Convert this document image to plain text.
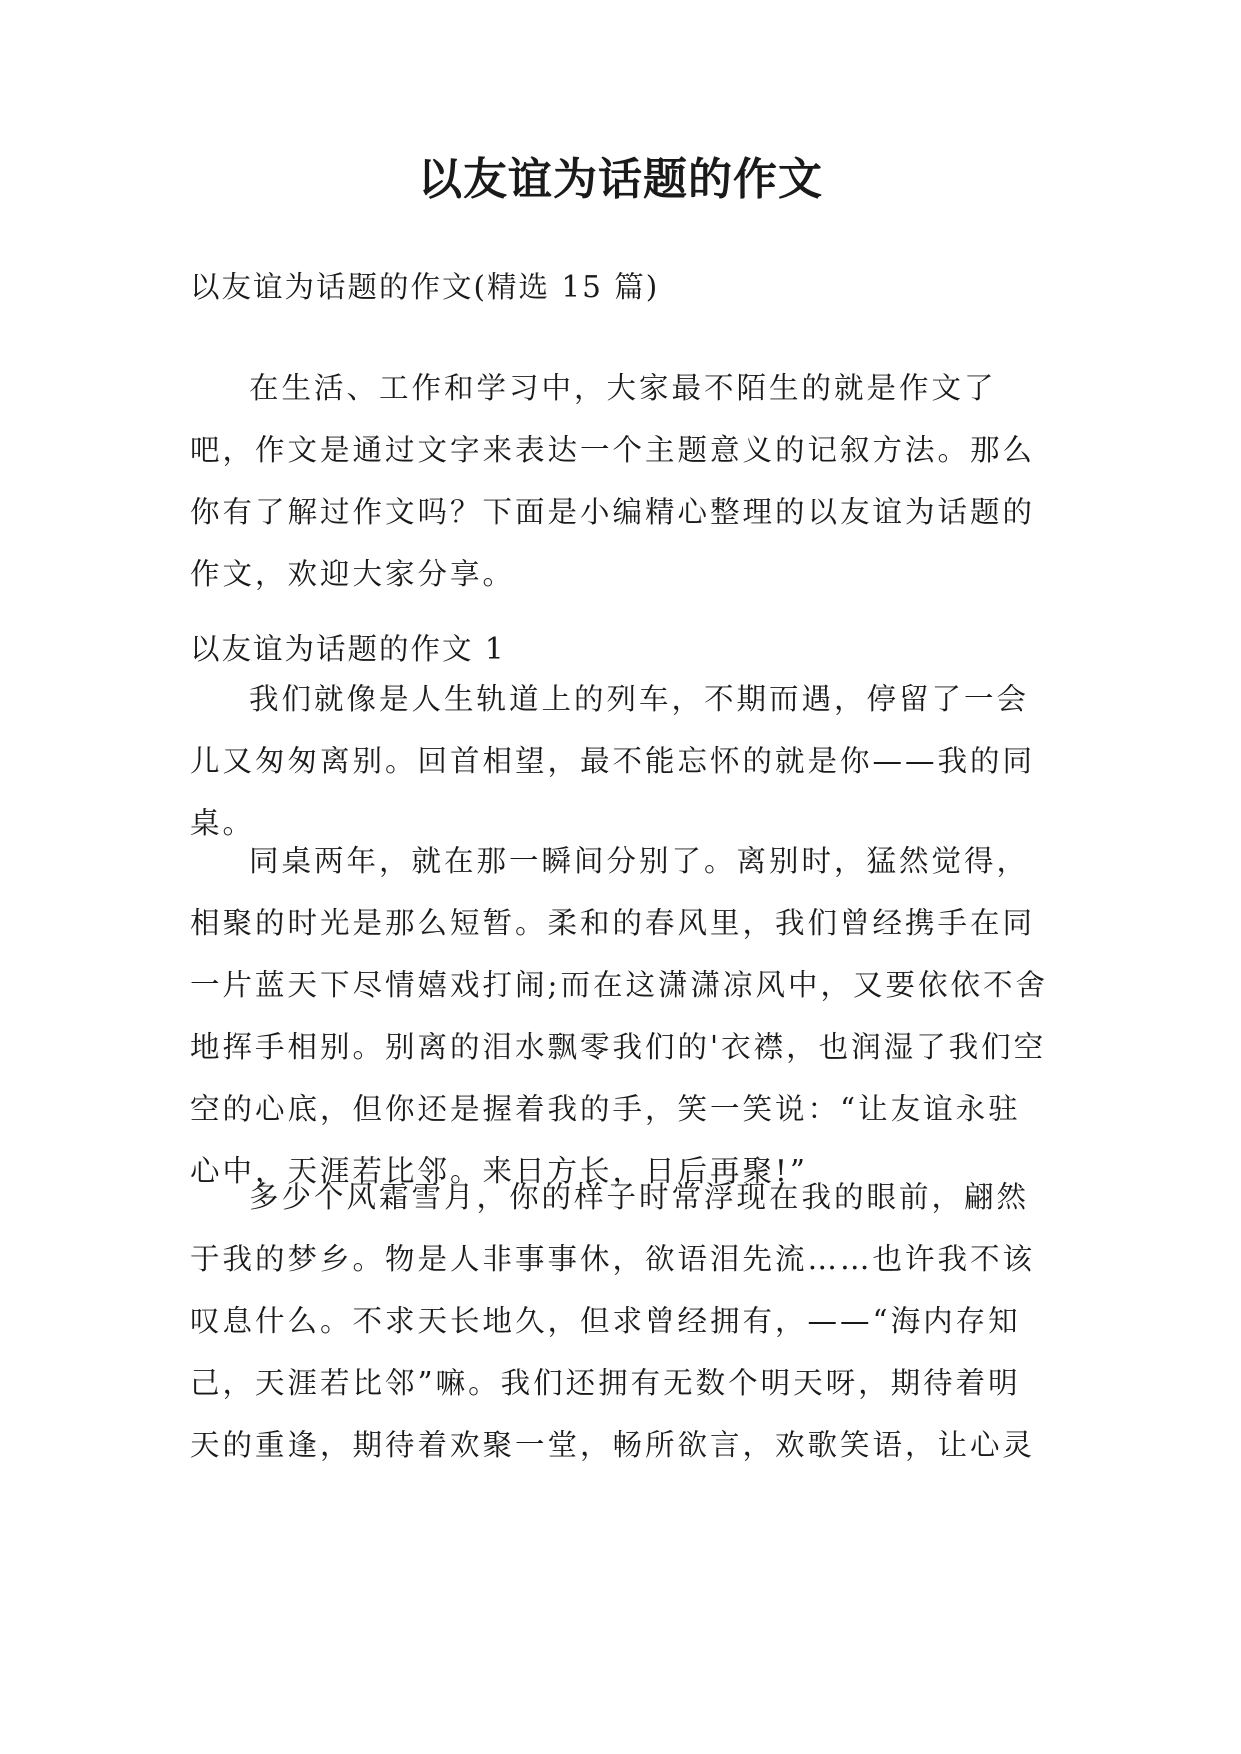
以友谊为话题的作文
以友谊为话题的作文(精选 15 篇)

在生活、工作和学习中，大家最不陌生的就是作文了吧，作文是通过文字来表达一个主题意义的记叙方法。那么你有了解过作文吗？下面是小编精心整理的以友谊为话题的作文，欢迎大家分享。

以友谊为话题的作文 1

我们就像是人生轨道上的列车，不期而遇，停留了一会儿又匆匆离别。回首相望，最不能忘怀的就是你——我的同桌。

同桌两年，就在那一瞬间分别了。离别时，猛然觉得，相聚的时光是那么短暂。柔和的春风里，我们曾经携手在同一片蓝天下尽情嬉戏打闹;而在这潇潇凉风中，又要依依不舍地挥手相别。别离的泪水飘零我们的'衣襟，也润湿了我们空空的心底，但你还是握着我的手，笑一笑说：“让友谊永驻心中，天涯若比邻。来日方长，日后再聚!”

多少个风霜雪月，你的样子时常浮现在我的眼前，翩然于我的梦乡。物是人非事事休，欲语泪先流……也许我不该叹息什么。不求天长地久，但求曾经拥有，——“海内存知己，天涯若比邻”嘛。我们还拥有无数个明天呀，期待着明天的重逢，期待着欢聚一堂，畅所欲言，欢歌笑语，让心灵
